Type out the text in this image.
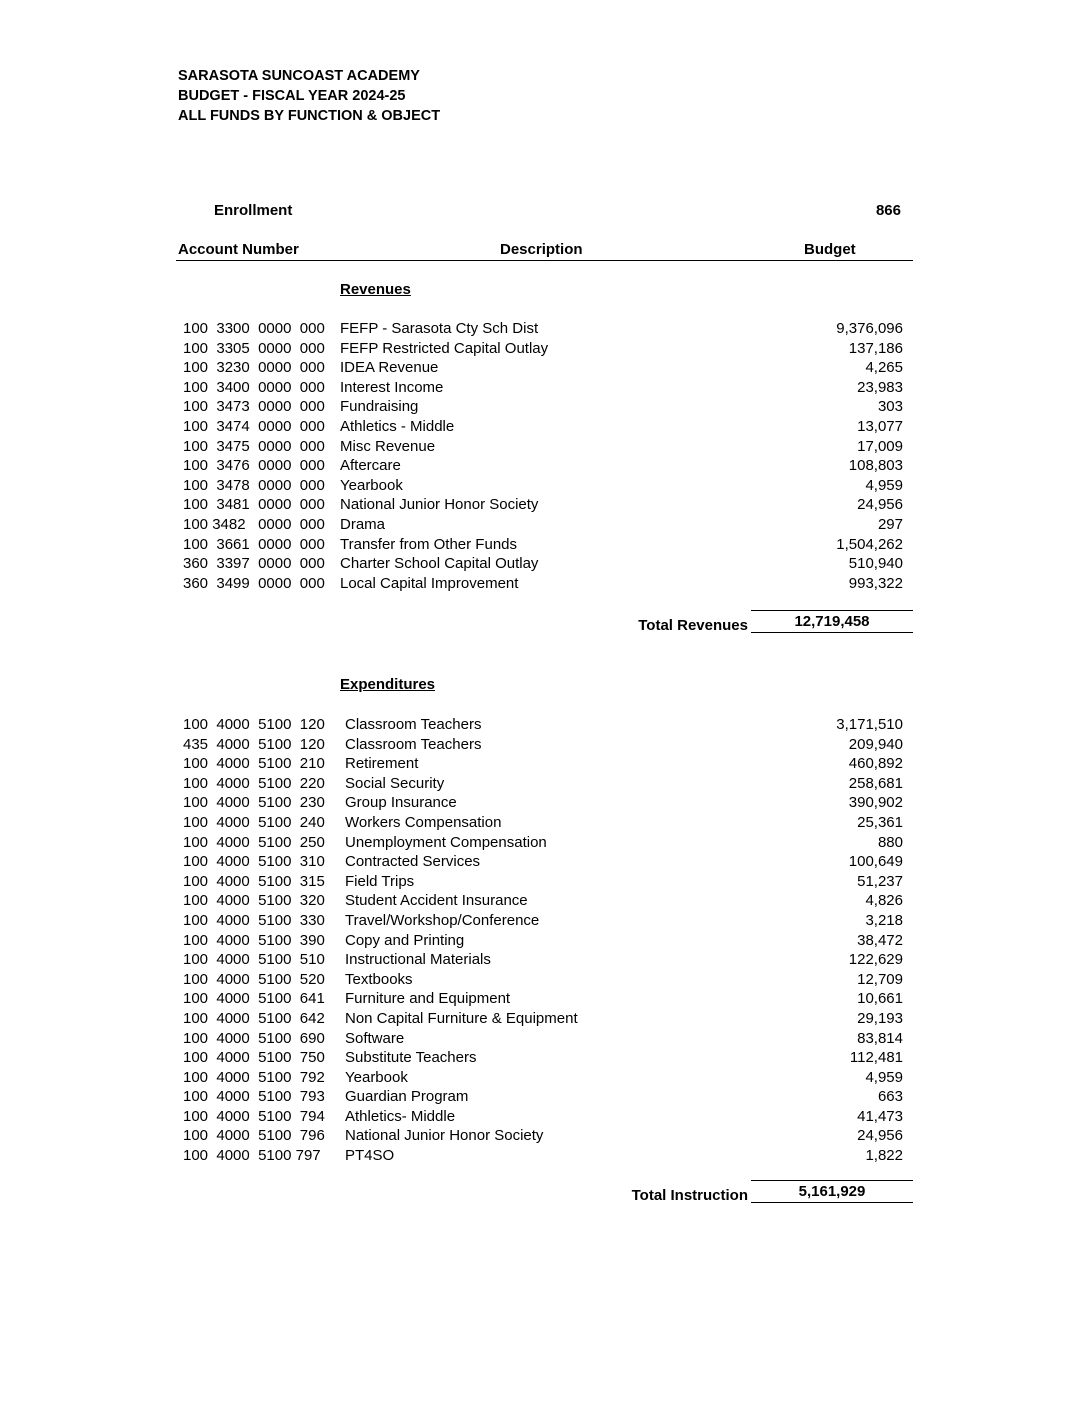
SARASOTA SUNCOAST ACADEMY
BUDGET - FISCAL YEAR 2024-25
ALL FUNDS BY FUNCTION & OBJECT
Enrollment	866
Account Number	Description	Budget
Revenues
100  3300  0000  000 FEFP - Sarasota Cty Sch Dist	9,376,096
100  3305  0000  000 FEFP Restricted Capital Outlay	137,186
100  3230  0000  000 IDEA Revenue	4,265
100  3400  0000  000 Interest Income	23,983
100  3473  0000  000 Fundraising	303
100  3474  0000  000 Athletics - Middle	13,077
100  3475  0000  000 Misc Revenue	17,009
100  3476  0000  000 Aftercare	108,803
100  3478  0000  000 Yearbook	4,959
100  3481  0000  000 National Junior Honor Society	24,956
100 3482   0000  000 Drama	297
100  3661  0000  000 Transfer from Other Funds	1,504,262
360  3397  0000  000 Charter School Capital Outlay	510,940
360  3499  0000  000 Local Capital Improvement	993,322
Total Revenues	12,719,458
Expenditures
100  4000  5100  120 Classroom Teachers	3,171,510
435  4000  5100  120 Classroom Teachers	209,940
100  4000  5100  210 Retirement	460,892
100  4000  5100  220 Social Security	258,681
100  4000  5100  230 Group Insurance	390,902
100  4000  5100  240 Workers Compensation	25,361
100  4000  5100  250 Unemployment Compensation	880
100  4000  5100  310 Contracted Services	100,649
100  4000  5100  315 Field Trips	51,237
100  4000  5100  320 Student Accident Insurance	4,826
100  4000  5100  330 Travel/Workshop/Conference	3,218
100  4000  5100  390 Copy and Printing	38,472
100  4000  5100  510 Instructional Materials	122,629
100  4000  5100  520 Textbooks	12,709
100  4000  5100  641 Furniture and Equipment	10,661
100  4000  5100  642 Non Capital Furniture & Equipment	29,193
100  4000  5100  690 Software	83,814
100  4000  5100  750 Substitute Teachers	112,481
100  4000  5100  792 Yearbook	4,959
100  4000  5100  793 Guardian Program	663
100  4000  5100  794 Athletics- Middle	41,473
100  4000  5100  796 National Junior Honor Society	24,956
100  4000  5100 797 PT4SO	1,822
Total Instruction	5,161,929
